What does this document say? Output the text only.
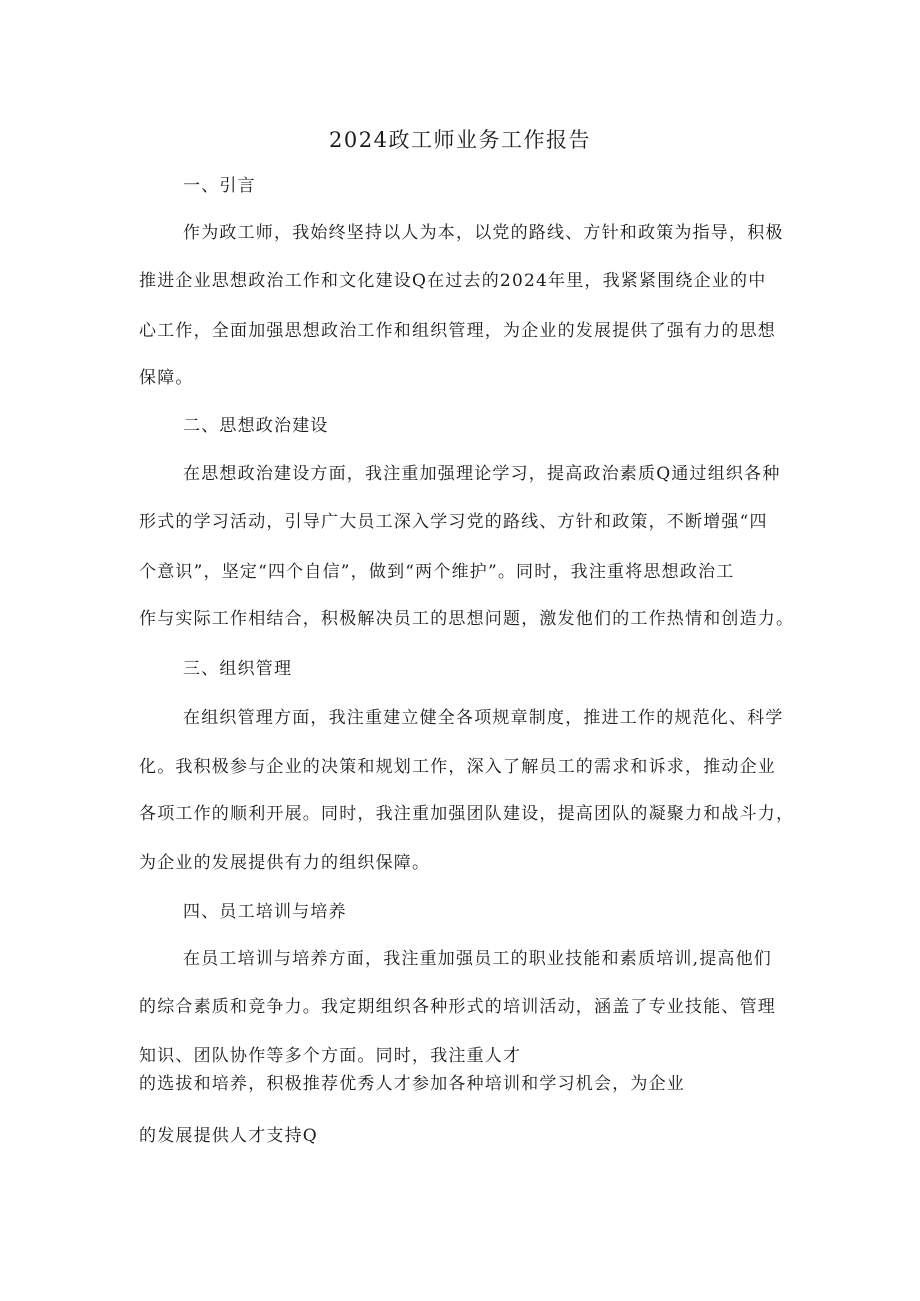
2024政工师业务工作报告
一、引言
作为政工师，我始终坚持以人为本，以党的路线、方针和政策为指导，积极
推进企业思想政治工作和文化建设Q在过去的2024年里，我紧紧围绕企业的中
心工作，全面加强思想政治工作和组织管理，为企业的发展提供了强有力的思想
保障。
二、思想政治建设
在思想政治建设方面，我注重加强理论学习，提高政治素质Q通过组织各种
形式的学习活动，引导广大员工深入学习党的路线、方针和政策，不断增强“四
个意识”，坚定“四个自信”，做到“两个维护”。同时，我注重将思想政治工
作与实际工作相结合，积极解决员工的思想问题，激发他们的工作热情和创造力。
三、组织管理
在组织管理方面，我注重建立健全各项规章制度，推进工作的规范化、科学
化。我积极参与企业的决策和规划工作，深入了解员工的需求和诉求，推动企业
各项工作的顺利开展。同时，我注重加强团队建设，提高团队的凝聚力和战斗力，
为企业的发展提供有力的组织保障。
四、员工培训与培养
在员工培训与培养方面，我注重加强员工的职业技能和素质培训,提高他们
的综合素质和竞争力。我定期组织各种形式的培训活动，涵盖了专业技能、管理
知识、团队协作等多个方面。同时，我注重人才
的选拔和培养，积极推荐优秀人才参加各种培训和学习机会，为企业
的发展提供人才支持Q
